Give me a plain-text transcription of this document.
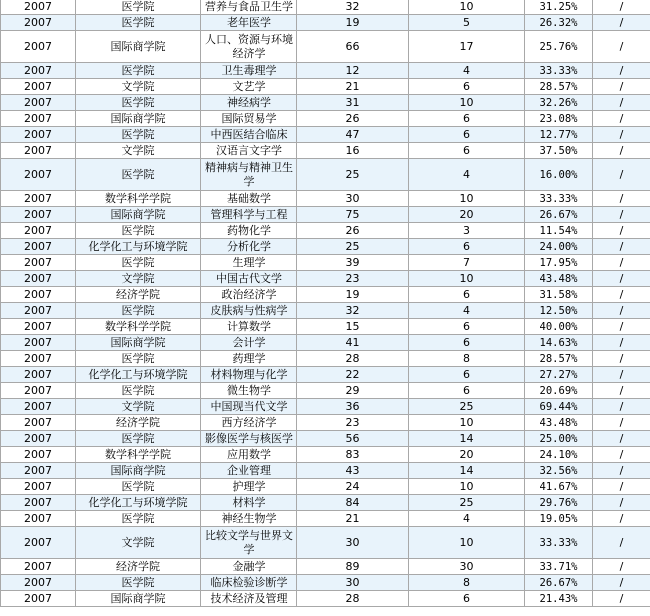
2007	医学院	营养与食品卫生学	32	10	31.25%	/
2007	医学院	老年医学	19	5	26.32%	/
2007	国际商学院	人口、资源与环境经济学	66	17	25.76%	/
2007	医学院	卫生毒理学	12	4	33.33%	/
2007	文学院	文艺学	21	6	28.57%	/
2007	医学院	神经病学	31	10	32.26%	/
2007	国际商学院	国际贸易学	26	6	23.08%	/
2007	医学院	中西医结合临床	47	6	12.77%	/
2007	文学院	汉语言文字学	16	6	37.50%	/
2007	医学院	精神病与精神卫生学	25	4	16.00%	/
2007	数学科学学院	基础数学	30	10	33.33%	/
2007	国际商学院	管理科学与工程	75	20	26.67%	/
2007	医学院	药物化学	26	3	11.54%	/
2007	化学化工与环境学院	分析化学	25	6	24.00%	/
2007	医学院	生理学	39	7	17.95%	/
2007	文学院	中国古代文学	23	10	43.48%	/
2007	经济学院	政治经济学	19	6	31.58%	/
2007	医学院	皮肤病与性病学	32	4	12.50%	/
2007	数学科学学院	计算数学	15	6	40.00%	/
2007	国际商学院	会计学	41	6	14.63%	/
2007	医学院	药理学	28	8	28.57%	/
2007	化学化工与环境学院	材料物理与化学	22	6	27.27%	/
2007	医学院	微生物学	29	6	20.69%	/
2007	文学院	中国现当代文学	36	25	69.44%	/
2007	经济学院	西方经济学	23	10	43.48%	/
2007	医学院	影像医学与核医学	56	14	25.00%	/
2007	数学科学学院	应用数学	83	20	24.10%	/
2007	国际商学院	企业管理	43	14	32.56%	/
2007	医学院	护理学	24	10	41.67%	/
2007	化学化工与环境学院	材料学	84	25	29.76%	/
2007	医学院	神经生物学	21	4	19.05%	/
2007	文学院	比较文学与世界文学	30	10	33.33%	/
2007	经济学院	金融学	89	30	33.71%	/
2007	医学院	临床检验诊断学	30	8	26.67%	/
2007	国际商学院	技术经济及管理	28	6	21.43%	/
